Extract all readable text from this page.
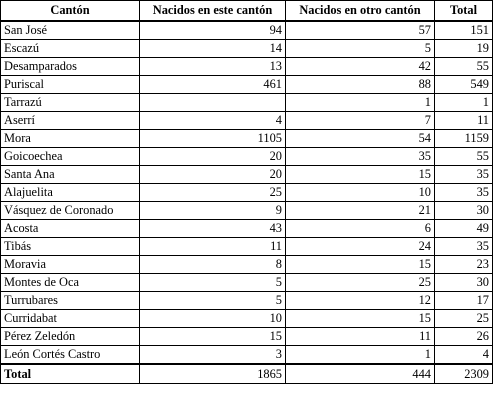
Cantón	Nacidos en este cantón	Nacidos en otro cantón	Total
San José	94	57	151
Escazú	14	5	19
Desamparados	13	42	55
Puriscal	461	88	549
Tarrazú		1	1
Aserrí	4	7	11
Mora	1105	54	1159
Goicoechea	20	35	55
Santa Ana	20	15	35
Alajuelita	25	10	35
Vásquez de Coronado	9	21	30
Acosta	43	6	49
Tibás	11	24	35
Moravia	8	15	23
Montes de Oca	5	25	30
Turrubares	5	12	17
Curridabat	10	15	25
Pérez Zeledón	15	11	26
León Cortés Castro	3	1	4
Total	1865	444	2309
